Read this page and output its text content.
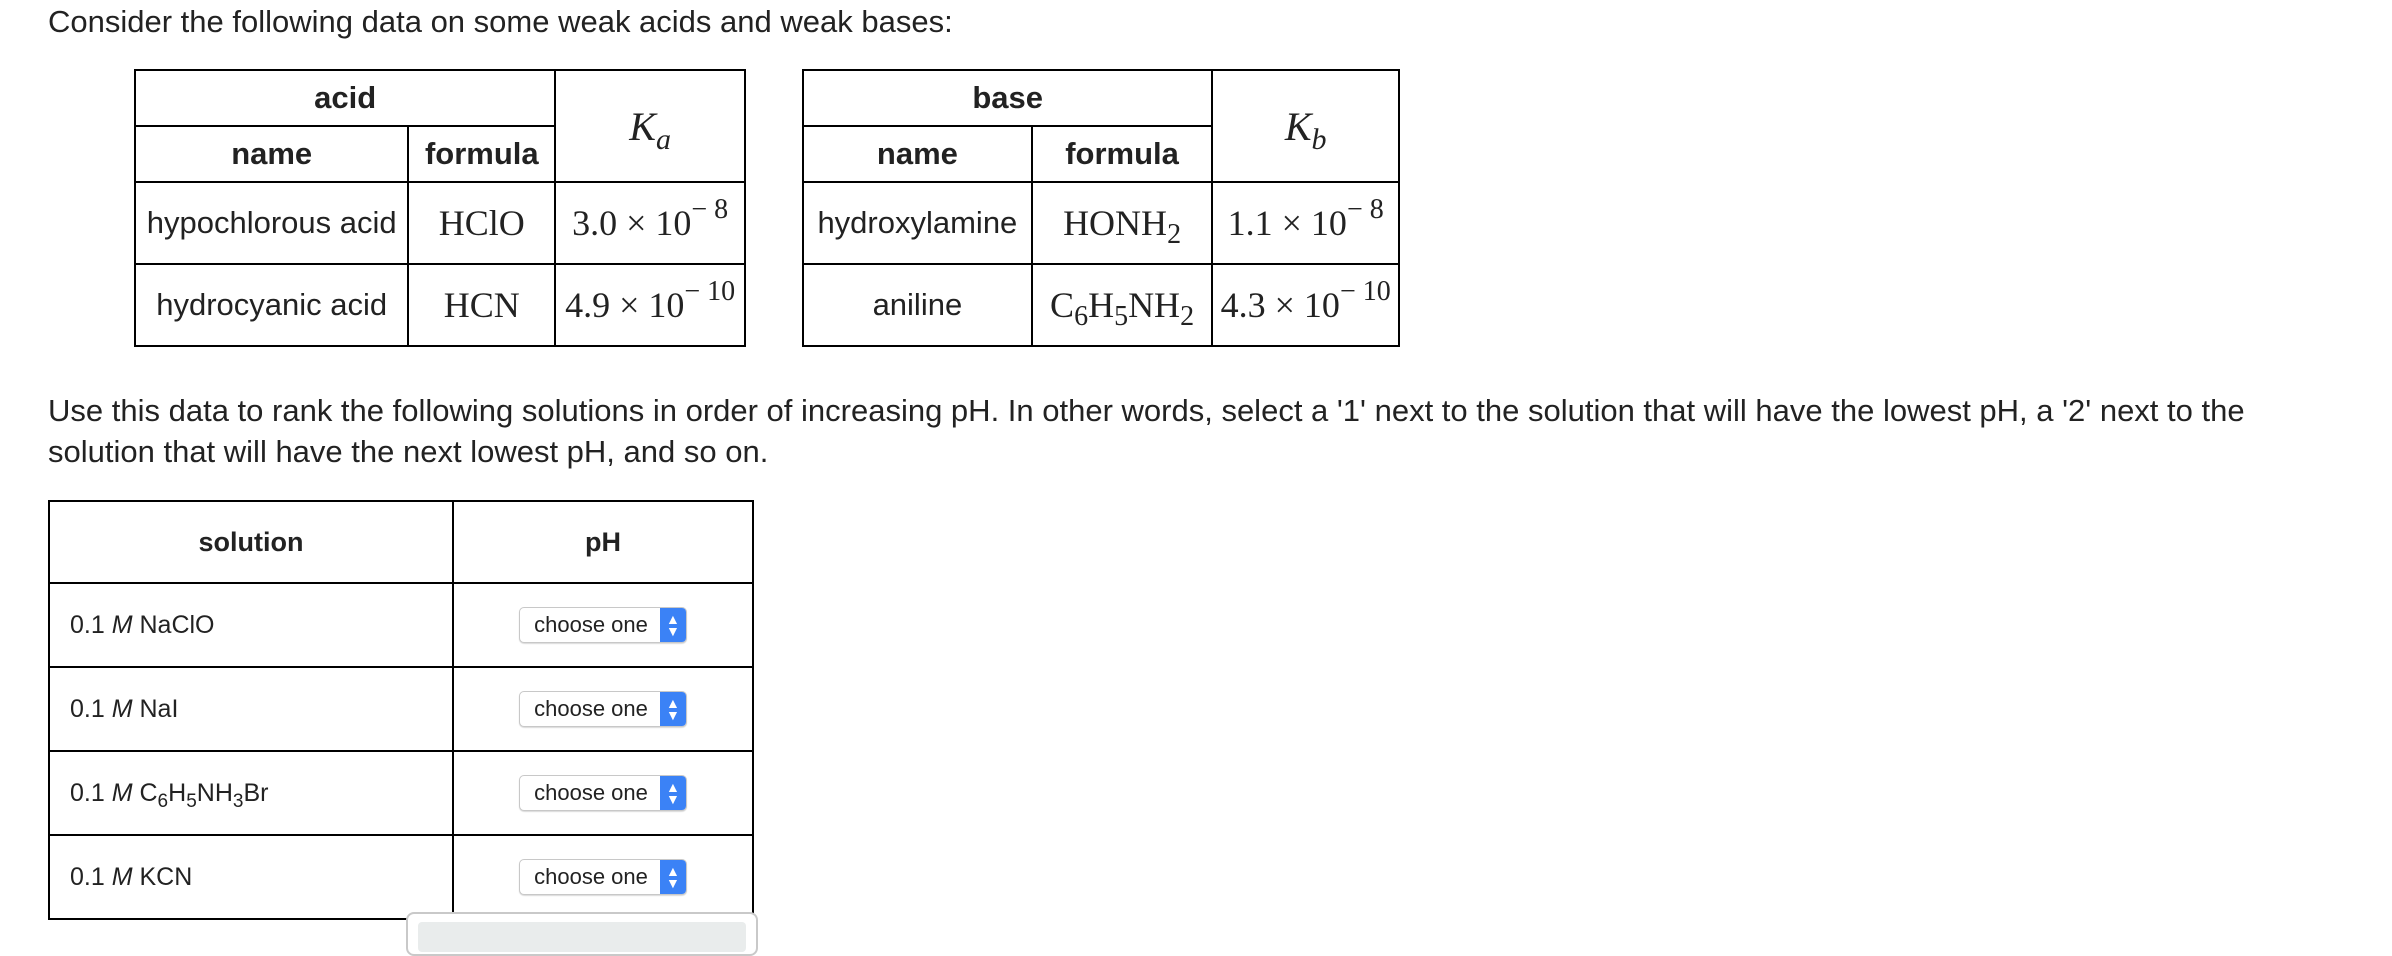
Consider the following data on some weak acids and weak bases:

acid		$K_a$
name	formula	
hypochlorous acid	HClO	$3.0 \times 10^{- 8}$
hydrocyanic acid	HCN	$4.9 \times 10^{- 10}$
base		$K_b$
name	formula	
hydroxylamine	$HONH_2$	$1.1 \times 10^{- 8}$
aniline	$C_6H_5NH_2$	$4.3 \times 10^{- 10}$

Use this data to rank the following solutions in order of increasing pH. In other words, select a '1' next to the solution that will have the lowest pH, a '2' next to the solution that will have the next lowest pH, and so on.

solution	pH
0.1 M NaClO	choose one ▲
▼

0.1 M NaI	choose one ▲
▼

0.1 M $C_6H_5NH_3Br$	choose one ▲
▼

0.1 M KCN	choose one ▲
▼
